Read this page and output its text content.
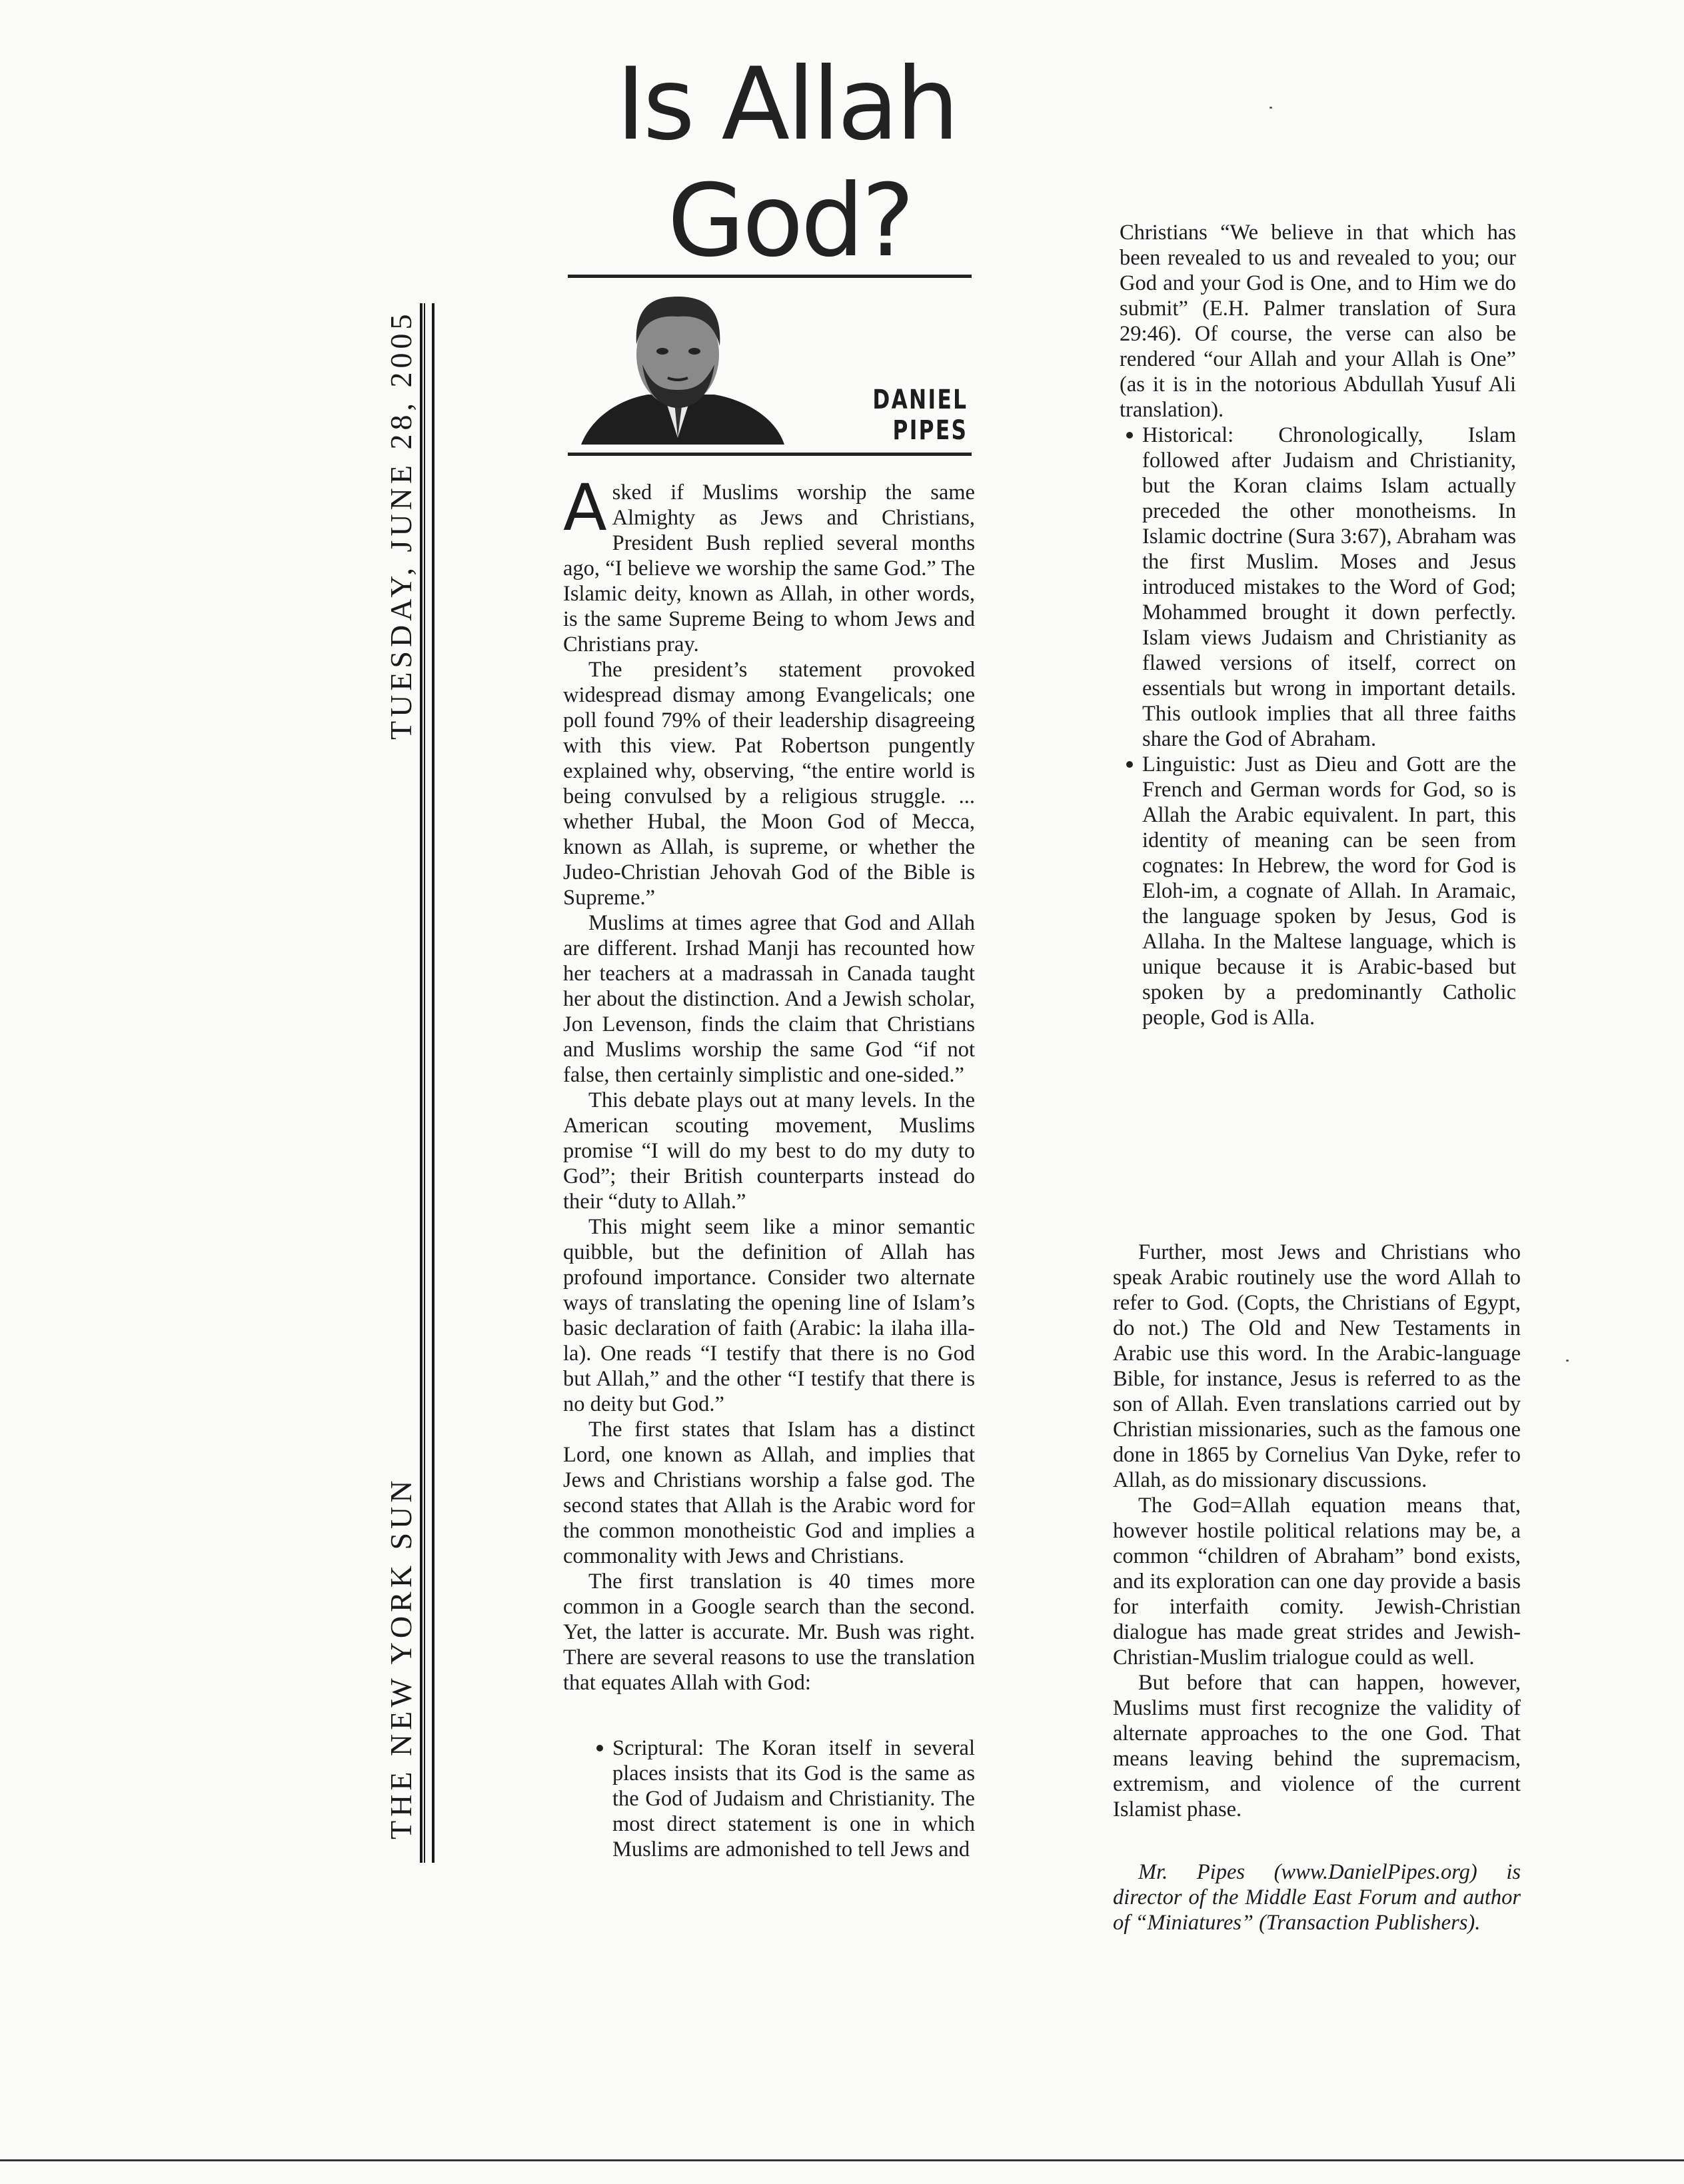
Is Allah
God?
TUESDAY, JUNE 28, 2005
THE NEW YORK SUN
DANIEL
PIPES

Asked if Muslims worship the same Almighty as Jews and Christians, President Bush replied several months ago, “I believe we worship the same God.” The Islamic deity, known as Allah, in other words, is the same Supreme Being to whom Jews and Christians pray.

The president’s statement provoked widespread dismay among Evangelicals; one poll found 79% of their leadership disagreeing with this view. Pat Robertson pungently explained why, observing, “the entire world is being convulsed by a religious struggle. ... whether Hubal, the Moon God of Mecca, known as Allah, is supreme, or whether the Judeo-Christian Jehovah God of the Bible is Supreme.”

Muslims at times agree that God and Allah are different. Irshad Manji has recounted how her teachers at a madrassah in Canada taught her about the distinction. And a Jewish scholar, Jon Levenson, finds the claim that Christians and Muslims worship the same God “if not false, then certainly simplistic and one-sided.”

This debate plays out at many levels. In the American scouting movement, Muslims promise “I will do my best to do my duty to God”; their British counterparts instead do their “duty to Allah.”

This might seem like a minor semantic quibble, but the definition of Allah has profound importance. Consider two alternate ways of translating the opening line of Islam’s basic declaration of faith (Arabic: la ilaha illa-la). One reads “I testify that there is no God but Allah,” and the other “I testify that there is no deity but God.”

The first states that Islam has a distinct Lord, one known as Allah, and implies that Jews and Christians worship a false god. The second states that Allah is the Arabic word for the common monotheistic God and implies a commonality with Jews and Christians.

The first translation is 40 times more common in a Google search than the second. Yet, the latter is accurate. Mr. Bush was right. There are several reasons to use the translation that equates Allah with God:

Scriptural: The Koran itself in several places insists that its God is the same as the God of Judaism and Christianity. The most direct statement is one in which Muslims are admonished to tell Jews and

Christians “We believe in that which has been revealed to us and revealed to you; our God and your God is One, and to Him we do submit” (E.H. Palmer translation of Sura 29:46). Of course, the verse can also be rendered “our Allah and your Allah is One” (as it is in the notorious Abdullah Yusuf Ali translation).

Historical: Chronologically, Islam followed after Judaism and Christianity, but the Koran claims Islam actually preceded the other monotheisms. In Islamic doctrine (Sura 3:67), Abraham was the first Muslim. Moses and Jesus introduced mistakes to the Word of God; Mohammed brought it down perfectly. Islam views Judaism and Christianity as flawed versions of itself, correct on essentials but wrong in important details. This outlook implies that all three faiths share the God of Abraham.
Linguistic: Just as Dieu and Gott are the French and German words for God, so is Allah the Arabic equivalent. In part, this identity of meaning can be seen from cognates: In Hebrew, the word for God is Eloh-im, a cognate of Allah. In Aramaic, the language spoken by Jesus, God is Allaha. In the Maltese language, which is unique because it is Arabic-based but spoken by a predominantly Catholic people, God is Alla.

Further, most Jews and Christians who speak Arabic routinely use the word Allah to refer to God. (Copts, the Christians of Egypt, do not.) The Old and New Testaments in Arabic use this word. In the Arabic-language Bible, for instance, Jesus is referred to as the son of Allah. Even translations carried out by Christian missionaries, such as the famous one done in 1865 by Cornelius Van Dyke, refer to Allah, as do missionary discussions.

The God=Allah equation means that, however hostile political relations may be, a common “children of Abraham” bond exists, and its exploration can one day provide a basis for interfaith comity. Jewish-Christian dialogue has made great strides and Jewish-Christian-Muslim trialogue could as well.

But before that can happen, however, Muslims must first recognize the validity of alternate approaches to the one God. That means leaving behind the supremacism, extremism, and violence of the current Islamist phase.

Mr. Pipes (www.DanielPipes.org) is director of the Middle East Forum and author of “Miniatures” (Transaction Publishers).
